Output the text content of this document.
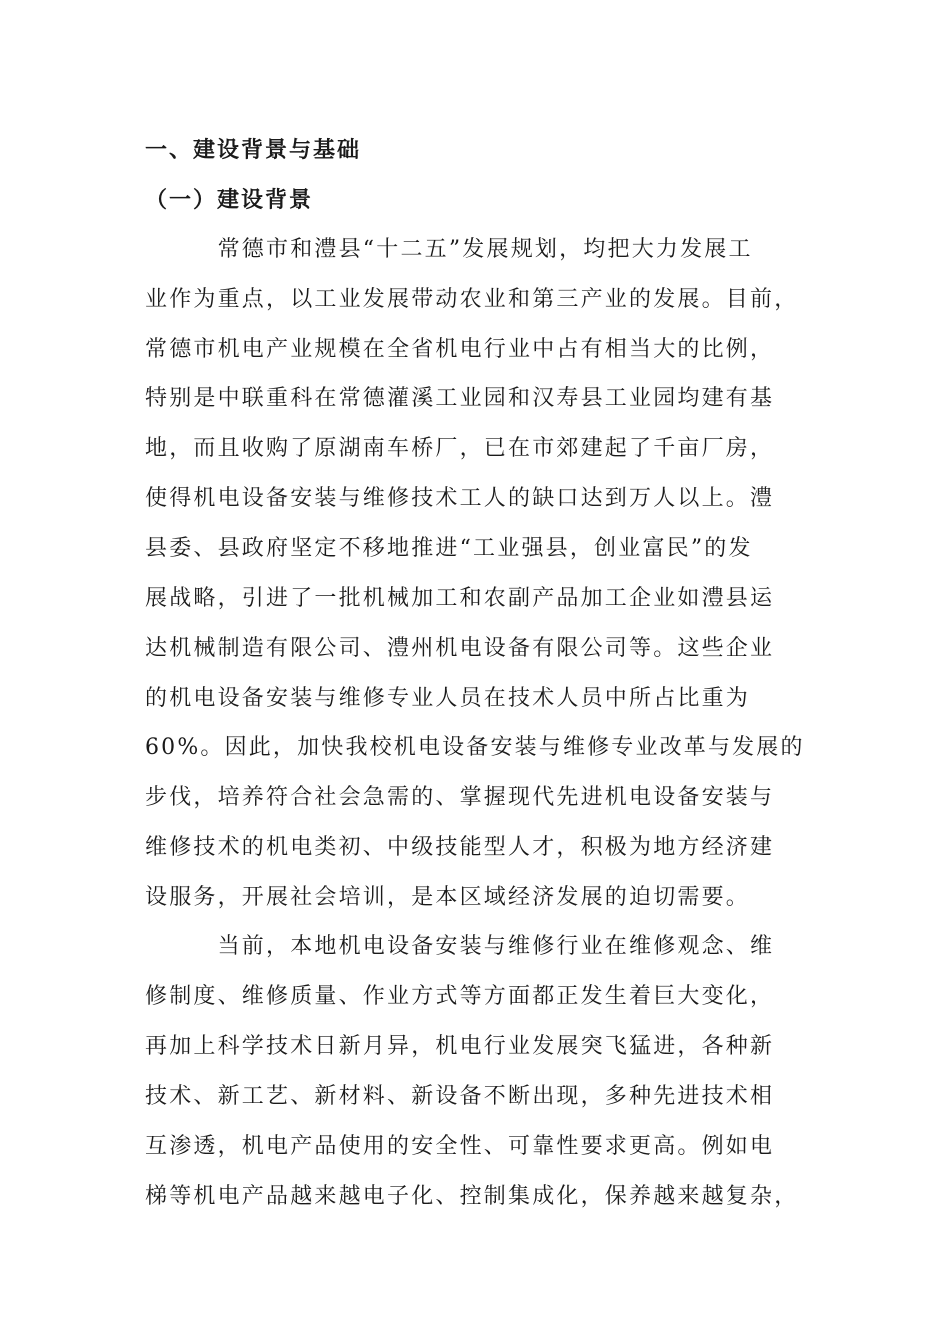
一、建设背景与基础
（一）建设背景
　　　常德市和澧县“十二五”发展规划，均把大力发展工
业作为重点，以工业发展带动农业和第三产业的发展。目前，
常德市机电产业规模在全省机电行业中占有相当大的比例，
特别是中联重科在常德灌溪工业园和汉寿县工业园均建有基
地，而且收购了原湖南车桥厂，已在市郊建起了千亩厂房，
使得机电设备安装与维修技术工人的缺口达到万人以上。澧
县委、县政府坚定不移地推进“工业强县，创业富民”的发
展战略，引进了一批机械加工和农副产品加工企业如澧县运
达机械制造有限公司、澧州机电设备有限公司等。这些企业
的机电设备安装与维修专业人员在技术人员中所占比重为
60%。因此，加快我校机电设备安装与维修专业改革与发展的
步伐，培养符合社会急需的、掌握现代先进机电设备安装与
维修技术的机电类初、中级技能型人才，积极为地方经济建
设服务，开展社会培训，是本区域经济发展的迫切需要。
　　　当前，本地机电设备安装与维修行业在维修观念、维
修制度、维修质量、作业方式等方面都正发生着巨大变化，
再加上科学技术日新月异，机电行业发展突飞猛进，各种新
技术、新工艺、新材料、新设备不断出现，多种先进技术相
互渗透，机电产品使用的安全性、可靠性要求更高。例如电
梯等机电产品越来越电子化、控制集成化，保养越来越复杂，
